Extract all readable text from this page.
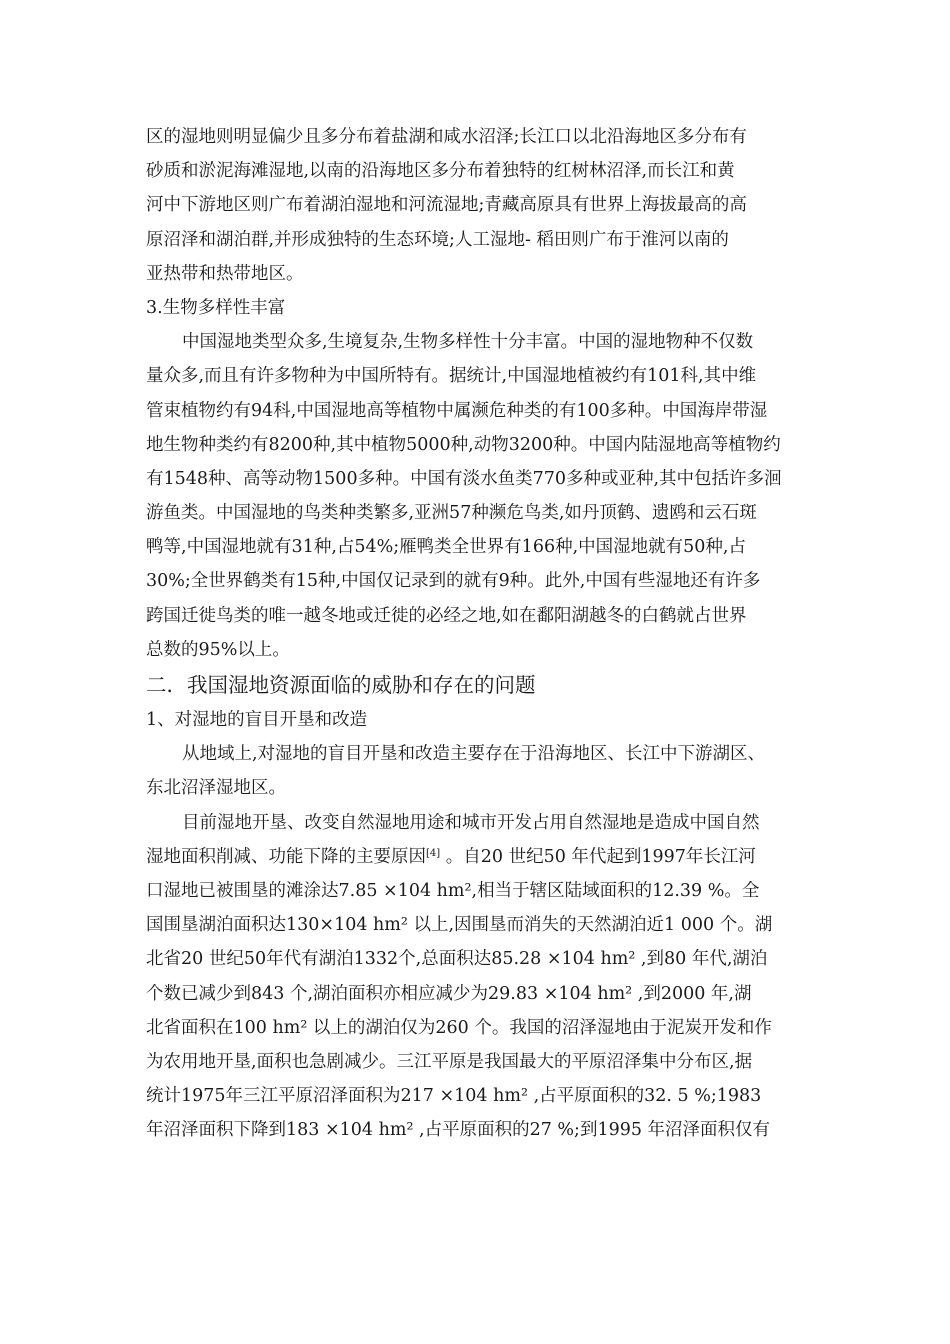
区的湿地则明显偏少且多分布着盐湖和咸水沼泽;长江口以北沿海地区多分布有
砂质和淤泥海滩湿地,以南的沿海地区多分布着独特的红树林沼泽,而长江和黄
河中下游地区则广布着湖泊湿地和河流湿地;青藏高原具有世界上海拔最高的高
原沼泽和湖泊群,并形成独特的生态环境;人工湿地- 稻田则广布于淮河以南的
亚热带和热带地区。
3.生物多样性丰富
中国湿地类型众多,生境复杂,生物多样性十分丰富。中国的湿地物种不仅数
量众多,而且有许多物种为中国所特有。据统计,中国湿地植被约有101科,其中维
管束植物约有94科,中国湿地高等植物中属濒危种类的有100多种。中国海岸带湿
地生物种类约有8200种,其中植物5000种,动物3200种。中国内陆湿地高等植物约
有1548种、高等动物1500多种。中国有淡水鱼类770多种或亚种,其中包括许多洄
游鱼类。中国湿地的鸟类种类繁多,亚洲57种濒危鸟类,如丹顶鹤、遗鸥和云石斑
鸭等,中国湿地就有31种,占54%;雁鸭类全世界有166种,中国湿地就有50种,占
30%;全世界鹤类有15种,中国仅记录到的就有9种。此外,中国有些湿地还有许多
跨国迁徙鸟类的唯一越冬地或迁徙的必经之地,如在鄱阳湖越冬的白鹤就占世界
总数的95%以上。
二．我国湿地资源面临的威胁和存在的问题
1、对湿地的盲目开垦和改造
从地域上,对湿地的盲目开垦和改造主要存在于沿海地区、长江中下游湖区、
东北沼泽湿地区。
目前湿地开垦、改变自然湿地用途和城市开发占用自然湿地是造成中国自然
湿地面积削减、功能下降的主要原因[4] 。自20 世纪50 年代起到1997年长江河
口湿地已被围垦的滩涂达7.85 ×104 hm²,相当于辖区陆域面积的12.39 %。全
国围垦湖泊面积达130×104 hm² 以上,因围垦而消失的天然湖泊近1 000 个。湖
北省20 世纪50年代有湖泊1332个,总面积达85.28 ×104 hm² ,到80 年代,湖泊
个数已减少到843 个,湖泊面积亦相应减少为29.83 ×104 hm² ,到2000 年,湖
北省面积在100 hm² 以上的湖泊仅为260 个。我国的沼泽湿地由于泥炭开发和作
为农用地开垦,面积也急剧减少。三江平原是我国最大的平原沼泽集中分布区,据
统计1975年三江平原沼泽面积为217 ×104 hm² ,占平原面积的32. 5 %;1983
年沼泽面积下降到183 ×104 hm² ,占平原面积的27 %;到1995 年沼泽面积仅有
